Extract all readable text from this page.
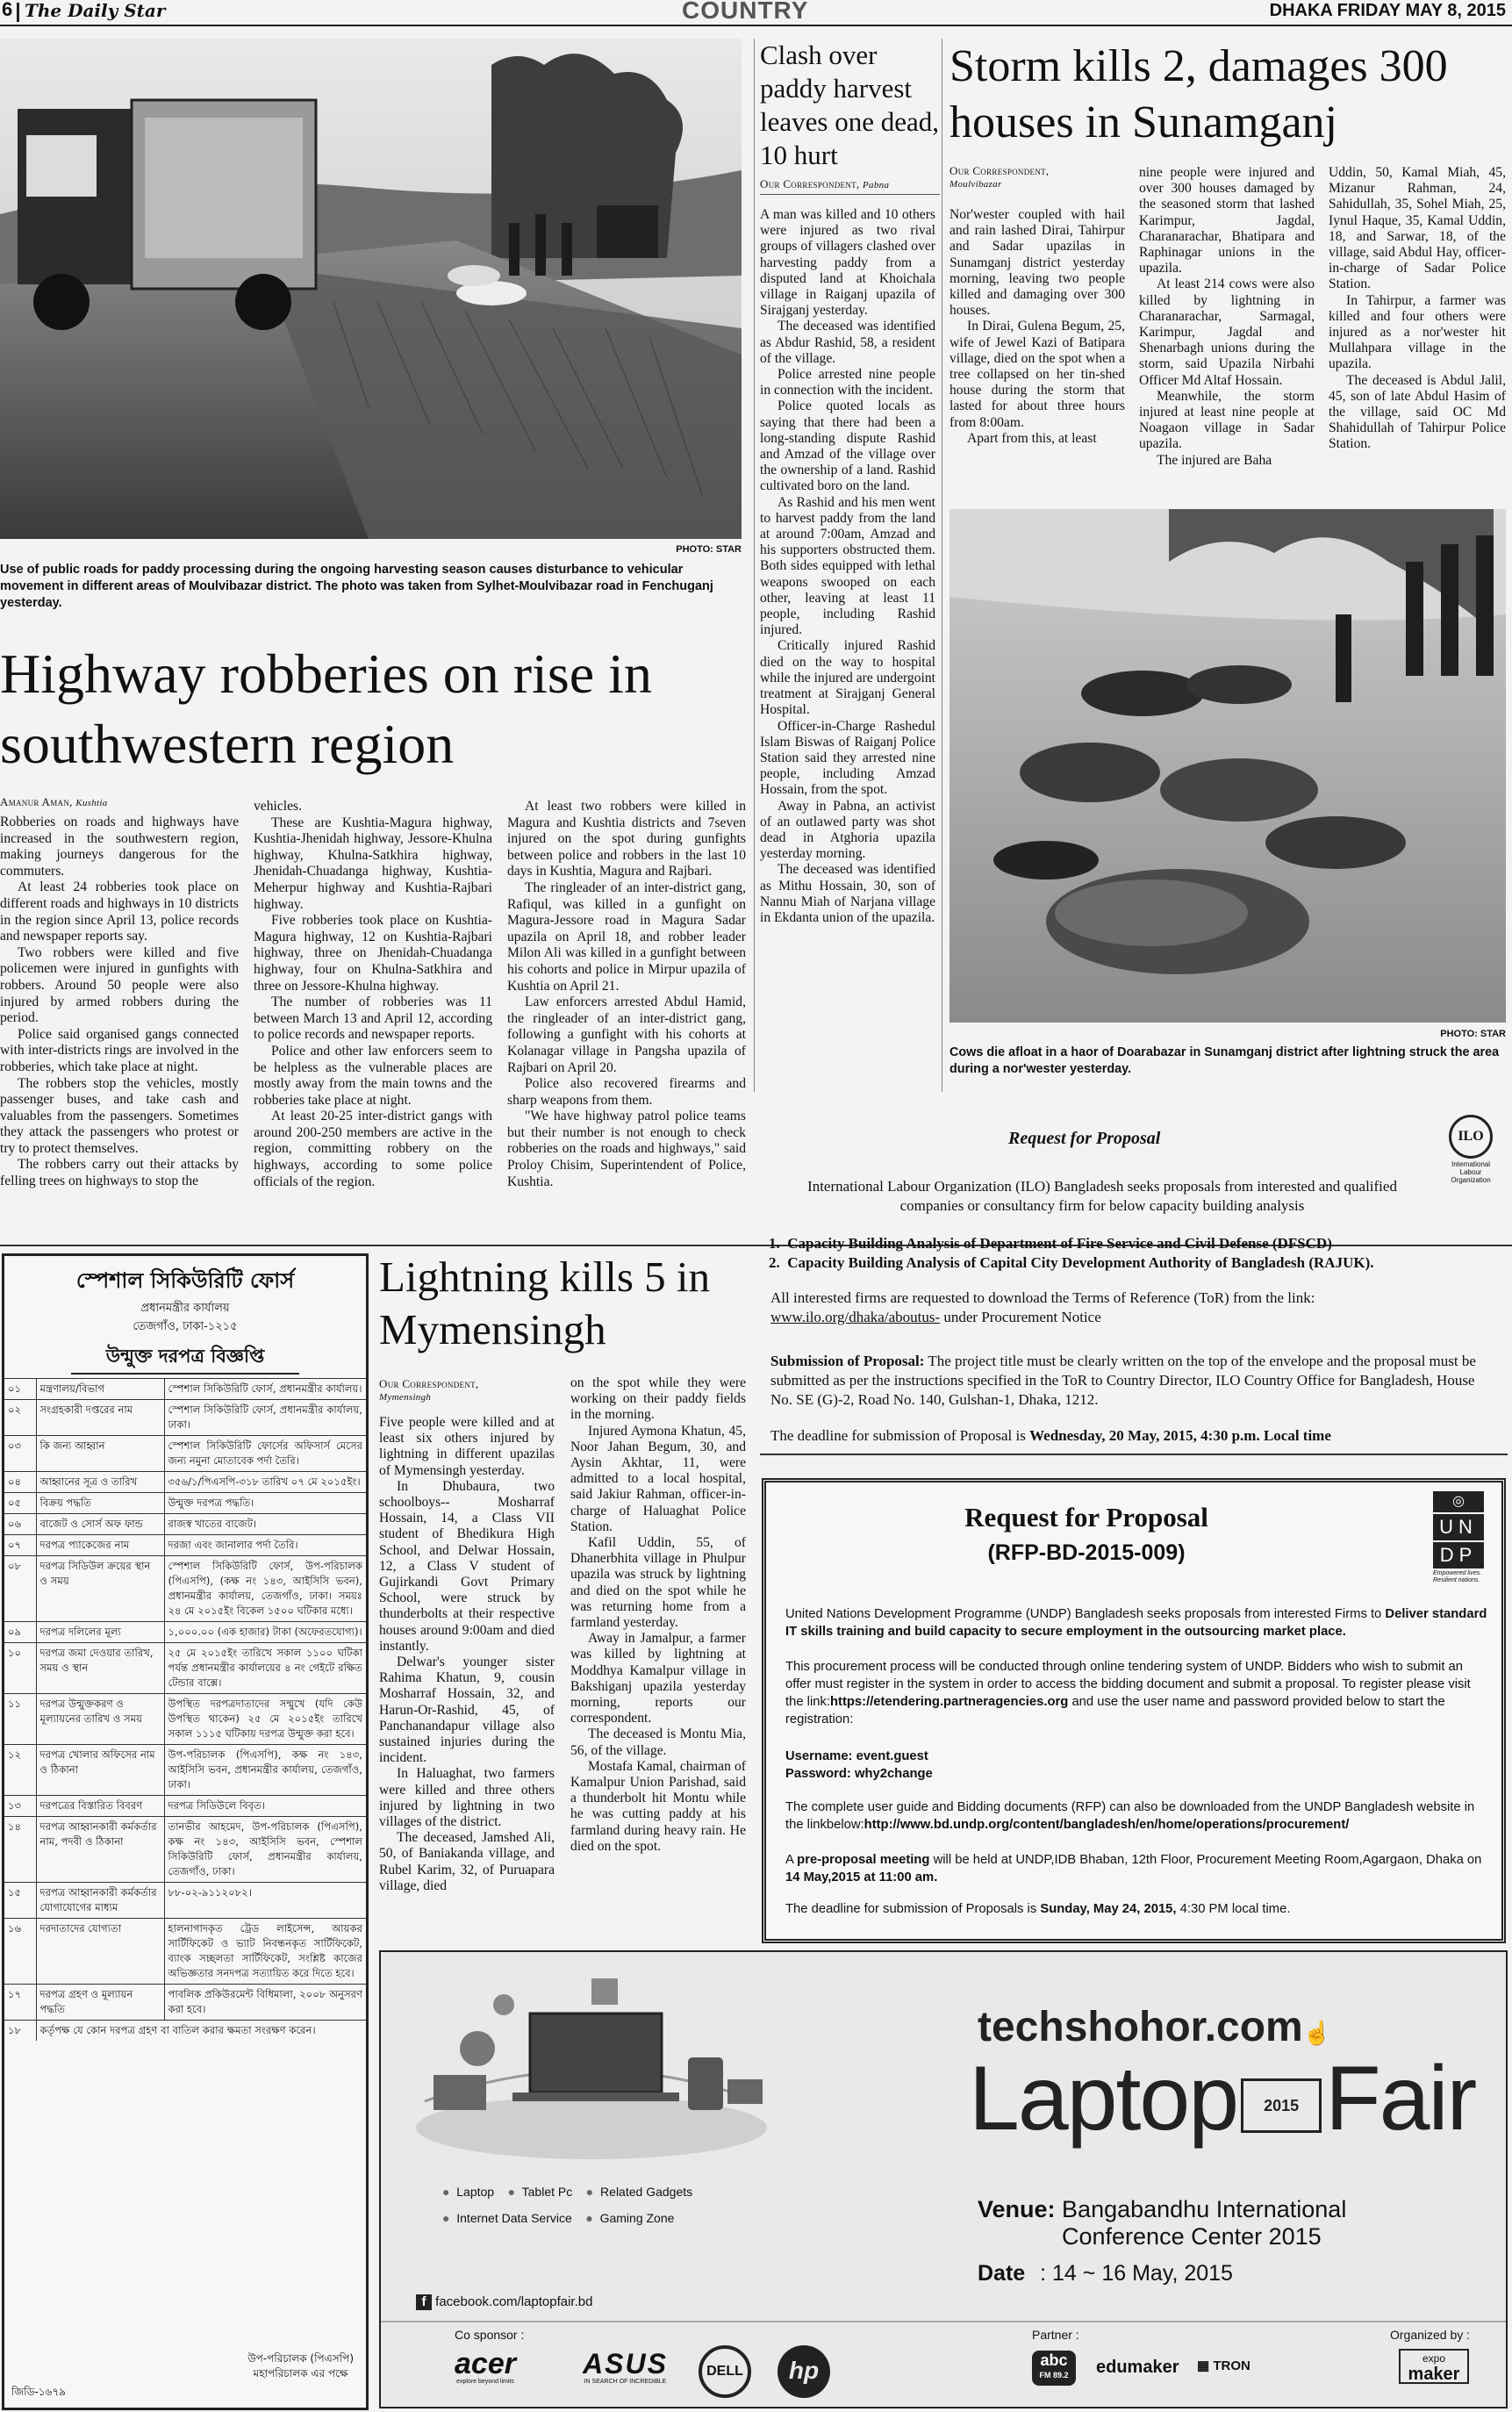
6 The Daily Star	COUNTRY	DHAKA FRIDAY MAY 8, 2015
PHOTO: STAR
Use of public roads for paddy processing during the ongoing harvesting season causes disturbance to vehicular movement in different areas of Moulvibazar district. The photo was taken from Sylhet-Moulvibazar road in Fenchuganj yesterday.
Highway robberies on rise in southwestern region
Amanur Aman, Kushtia

Robberies on roads and highways have increased in the southwestern region, making journeys dangerous for the commuters.

At least 24 robberies took place on different roads and highways in 10 districts in the region since April 13, police records and newspaper reports say.

Two robbers were killed and five policemen were injured in gunfights with robbers. Around 50 people were also injured by armed robbers during the period.

Police said organised gangs connected with inter-districts rings are involved in the robberies, which take place at night.

The robbers stop the vehicles, mostly passenger buses, and take cash and valuables from the passengers. Sometimes they attack the passengers who protest or try to protect themselves.

The robbers carry out their attacks by felling trees on highways to stop the

vehicles.

These are Kushtia-Magura highway, Kushtia-Jhenidah highway, Jessore-Khulna highway, Khulna-Satkhira highway, Jhenidah-Chuadanga highway, Kushtia-Meherpur highway and Kushtia-Rajbari highway.

Five robberies took place on Kushtia-Magura highway, 12 on Kushtia-Rajbari highway, three on Jhenidah-Chuadanga highway, four on Khulna-Satkhira and three on Jessore-Khulna highway.

The number of robberies was 11 between March 13 and April 12, according to police records and newspaper reports.

Police and other law enforcers seem to be helpless as the vulnerable places are mostly away from the main towns and the robberies take place at night.

At least 20-25 inter-district gangs with around 200-250 members are active in the region, committing robbery on the highways, according to some police officials of the region.

At least two robbers were killed in Magura and Kushtia districts and 7seven injured on the spot during gunfights between police and robbers in the last 10 days in Kushtia, Magura and Rajbari.

The ringleader of an inter-district gang, Rafiqul, was killed in a gunfight on Magura-Jessore road in Magura Sadar upazila on April 18, and robber leader Milon Ali was killed in a gunfight between his cohorts and police in Mirpur upazila of Kushtia on April 21.

Law enforcers arrested Abdul Hamid, the ringleader of an inter-district gang, following a gunfight with his cohorts at Kolanagar village in Pangsha upazila of Rajbari on April 20.

Police also recovered firearms and sharp weapons from them.

"We have highway patrol police teams but their number is not enough to check robberies on the roads and highways," said Proloy Chisim, Superintendent of Police, Kushtia.

Clash over paddy harvest leaves one dead, 10 hurt
Our Correspondent, Pabna

A man was killed and 10 others were injured as two rival groups of villagers clashed over harvesting paddy from a disputed land at Khoichala village in Raiganj upazila of Sirajganj yesterday.

The deceased was identified as Abdur Rashid, 58, a resident of the village.

Police arrested nine people in connection with the incident.

Police quoted locals as saying that there had been a long-standing dispute Rashid and Amzad of the village over the ownership of a land. Rashid cultivated boro on the land.

As Rashid and his men went to harvest paddy from the land at around 7:00am, Amzad and his supporters obstructed them. Both sides equipped with lethal weapons swooped on each other, leaving at least 11 people, including Rashid injured.

Critically injured Rashid died on the way to hospital while the injured are undergoint treatment at Sirajganj General Hospital.

Officer-in-Charge Rashedul Islam Biswas of Raiganj Police Station said they arrested nine people, including Amzad Hossain, from the spot.

Away in Pabna, an activist of an outlawed party was shot dead in Atghoria upazila yesterday morning.

The deceased was identified as Mithu Hossain, 30, son of Nannu Miah of Narjana village in Ekdanta union of the upazila.

Storm kills 2, damages 300 houses in Sunamganj
Our Correspondent,
Moulvibazar

Nor'wester coupled with hail and rain lashed Dirai, Tahirpur and Sadar upazilas in Sunamganj district yesterday morning, leaving two people killed and damaging over 300 houses.

In Dirai, Gulena Begum, 25, wife of Jewel Kazi of Batipara village, died on the spot when a tree collapsed on her tin-shed house during the storm that lasted for about three hours from 8:00am.

Apart from this, at least

nine people were injured and over 300 houses damaged by the seasoned storm that lashed Karimpur, Jagdal, Charanarachar, Bhatipara and Raphinagar unions in the upazila.

At least 214 cows were also killed by lightning in Charanarachar, Sarmagal, Karimpur, Jagdal and Shenarbagh unions during the storm, said Upazila Nirbahi Officer Md Altaf Hossain.

Meanwhile, the storm injured at least nine people at Noagaon village in Sadar upazila.

The injured are Baha

Uddin, 50, Kamal Miah, 45, Mizanur Rahman, 24, Sahidullah, 35, Sohel Miah, 25, Iynul Haque, 35, Kamal Uddin, 18, and Sarwar, 18, of the village, said Abdul Hay, officer-in-charge of Sadar Police Station.

In Tahirpur, a farmer was killed and four others were injured as a nor'wester hit Mullahpara village in the upazila.

The deceased is Abdul Jalil, 45, son of late Abdul Hasim of the village, said OC Md Shahidullah of Tahirpur Police Station.

PHOTO: STAR
Cows die afloat in a haor of Doarabazar in Sunamganj district after lightning struck the area during a nor'wester yesterday.
Request for Proposal	ILO
International Labour Organization
International Labour Organization (ILO) Bangladesh seeks proposals from interested and qualified companies or consultancy firm for below capacity building analysis
1.  Capacity Building Analysis of Department of Fire Service and Civil Defense (DFSCD)
2.  Capacity Building Analysis of Capital City Development Authority of Bangladesh (RAJUK).
All interested firms are requested to download the Terms of Reference (ToR) from the link:
www.ilo.org/dhaka/aboutus- under Procurement Notice
Submission of Proposal: The project title must be clearly written on the top of the envelope and the proposal must be submitted as per the instructions specified in the ToR to Country Director, ILO Country Office for Bangladesh, House No. SE (G)-2, Road No. 140, Gulshan-1, Dhaka, 1212.
The deadline for submission of Proposal is Wednesday, 20 May, 2015, 4:30 p.m. Local time
Lightning kills 5 in Mymensingh
Our Correspondent,
Mymensingh

Five people were killed and at least six others injured by lightning in different upazilas of Mymensingh yesterday.

In Dhubaura, two schoolboys-- Mosharraf Hossain, 14, a Class VII student of Bhedikura High School, and Delwar Hossain, 12, a Class V student of Gujirkandi Govt Primary School, were struck by thunderbolts at their respective houses around 9:00am and died instantly.

Delwar's younger sister Rahima Khatun, 9, cousin Mosharraf Hossain, 32, and Harun-Or-Rashid, 45, of Panchanandapur village also sustained injuries during the incident.

In Haluaghat, two farmers were killed and three others injured by lightning in two villages of the district.

The deceased, Jamshed Ali, 50, of Baniakanda village, and Rubel Karim, 32, of Puruapara village, died

on the spot while they were working on their paddy fields in the morning.

Injured Aymona Khatun, 45, Noor Jahan Begum, 30, and Aysin Akhtar, 11, were admitted to a local hospital, said Jakiur Rahman, officer-in-charge of Haluaghat Police Station.

Kafil Uddin, 55, of Dhanerbhita village in Phulpur upazila was struck by lightning and died on the spot while he was returning home from a farmland yesterday.

Away in Jamalpur, a farmer was killed by lightning at Moddhya Kamalpur village in Bakshiganj upazila yesterday morning, reports our correspondent.

The deceased is Montu Mia, 56, of the village.

Mostafa Kamal, chairman of Kamalpur Union Parishad, said a thunderbolt hit Montu while he was cutting paddy at his farmland during heavy rain. He died on the spot.

স্পেশাল সিকিউরিটি ফোর্স
প্রধানমন্ত্রীর কার্যালয়
তেজগাঁও, ঢাকা-১২১৫
উন্মুক্ত দরপত্র বিজ্ঞপ্তি
০১	মন্ত্রণালয়/বিভাগ	স্পেশাল সিকিউরিটি ফোর্স, প্রধানমন্ত্রীর কার্যালয়।
০২	সংগ্রহকারী দপ্তরের নাম	স্পেশাল সিকিউরিটি ফোর্স, প্রধানমন্ত্রীর কার্যালয়, ঢাকা।
০৩	কি জন্য আহ্বান	স্পেশাল সিকিউরিটি ফোর্সের অফিসার্স মেসের জন্য নমুনা মোতাবেক পর্দা তৈরি।
০৪	আহ্বানের সূত্র ও তারিখ	৩৫৬/১/পিএসপি-৩১৮ তারিখ ০৭ মে ২০১৫ইং।
০৫	বিক্রয় পদ্ধতি	উন্মুক্ত দরপত্র পদ্ধতি।
০৬	বাজেট ও সোর্স অফ ফান্ড	রাজস্ব খাতের বাজেট।
০৭	দরপত্র প্যাকেজের নাম	দরজা এবং জানালার পর্দা তৈরি।
০৮	দরপত্র সিডিউল ক্রয়ের স্থান ও সময়	স্পেশাল সিকিউরিটি ফোর্স, উপ-পরিচালক (পিএসপি), (কক্ষ নং ১৪৩, আইসিসি ভবন), প্রধানমন্ত্রীর কার্যালয়, তেজগাঁও, ঢাকা। সময়ঃ ২৪ মে ২০১৫ইং বিকেল ১৫০০ ঘটিকার মধ্যে।
০৯	দরপত্র দলিলের মূল্য	১,০০০.০০ (এক হাজার) টাকা (অফেরতযোগ্য)।
১০	দরপত্র জমা দেওয়ার তারিখ, সময় ও স্থান	২৫ মে ২০১৫ইং তারিখে সকাল ১১০০ ঘটিকা পর্যন্ত প্রধানমন্ত্রীর কার্যালয়ের ৪ নং গেইটে রক্ষিত টেন্ডার বাক্সে।
১১	দরপত্র উন্মুক্তকরণ ও মূল্যায়নের তারিখ ও সময়	উপস্থিত দরপত্রদাতাদের সম্মুখে (যদি কেউ উপস্থিত থাকেন) ২৫ মে ২০১৫ইং তারিখে সকাল ১১১৫ ঘটিকায় দরপত্র উন্মুক্ত করা হবে।
১২	দরপত্র খোলার অফিসের নাম ও ঠিকানা	উপ-পরিচালক (পিএসপি), কক্ষ নং ১৪৩, আইসিসি ভবন, প্রধানমন্ত্রীর কার্যালয়, তেজগাঁও, ঢাকা।
১৩	দরপত্রের বিস্তারিত বিবরণ	দরপত্র সিডিউলে বিবৃত।
১৪	দরপত্র আহ্বানকারী কর্মকর্তার নাম, পদবী ও ঠিকানা	তানভীর আহমেদ, উপ-পরিচালক (পিএসপি), কক্ষ নং ১৪৩, আইসিসি ভবন, স্পেশাল সিকিউরিটি ফোর্স, প্রধানমন্ত্রীর কার্যালয়, তেজগাঁও, ঢাকা।
১৫	দরপত্র আহ্বানকারী কর্মকর্তার যোগাযোগের মাধ্যম	৮৮-০২-৯১১২০৮২।
১৬	দরদাতাদের যোগ্যতা	হালনাগাদকৃত ট্রেড লাইসেন্স, আয়কর সার্টিফিকেট ও ভ্যাট নিবন্ধনকৃত সার্টিফিকেট, ব্যাংক সচ্ছলতা সার্টিফিকেট, সংশ্লিষ্ট কাজের অভিজ্ঞতার সনদপত্র সত্যায়িত করে দিতে হবে।
১৭	দরপত্র গ্রহণ ও মূল্যায়ন পদ্ধতি	পাবলিক প্রকিউরমেন্ট বিধিমালা, ২০০৮ অনুসরণ করা হবে।
১৮	কর্তৃপক্ষ যে কোন দরপত্র গ্রহণ বা বাতিল করার ক্ষমতা সংরক্ষণ করেন।	
উপ-পরিচালক (পিএসপি)
মহাপরিচালক এর পক্ষে
জিডি-১৬৭৯
Request for Proposal
(RFP-BD-2015-009)
◎
UN
DP
Empowered lives. Resilient nations.
United Nations Development Programme (UNDP) Bangladesh seeks proposals from interested Firms to Deliver standard IT skills training and build capacity to secure employment in the outsourcing market place.
This procurement process will be conducted through online tendering system of UNDP. Bidders who wish to submit an offer must register in the system in order to access the bidding document and submit a proposal. To register please visit the link:https://etendering.partneragencies.org and use the user name and password provided below to start the registration:
Username: event.guest
Password: why2change
The complete user guide and Bidding documents (RFP) can also be downloaded from the UNDP Bangladesh website in the linkbelow:http://www.bd.undp.org/content/bangladesh/en/home/operations/procurement/
A pre-proposal meeting will be held at UNDP,IDB Bhaban, 12th Floor, Procurement Meeting Room,Agargaon, Dhaka on 14 May,2015 at 11:00 am.
The deadline for submission of Proposals is Sunday, May 24, 2015, 4:30 PM local time.
● Laptop ● Tablet Pc ● Related Gadgets
● Internet Data Service ● Gaming Zone
techshohor.com☝
Laptop 2015 Fair
Venue: Bangabandhu International
Conference Center 2015
Date : 14 ~ 16 May, 2015
f facebook.com/laptopfair.bd
Co sponsor :
acer
explore beyond limits
ASUS
IN SEARCH OF INCREDIBLE
DELL	hp
Partner :
abc
FM 89.2	edumaker ▦ TRON
Organized by :
expo
maker
